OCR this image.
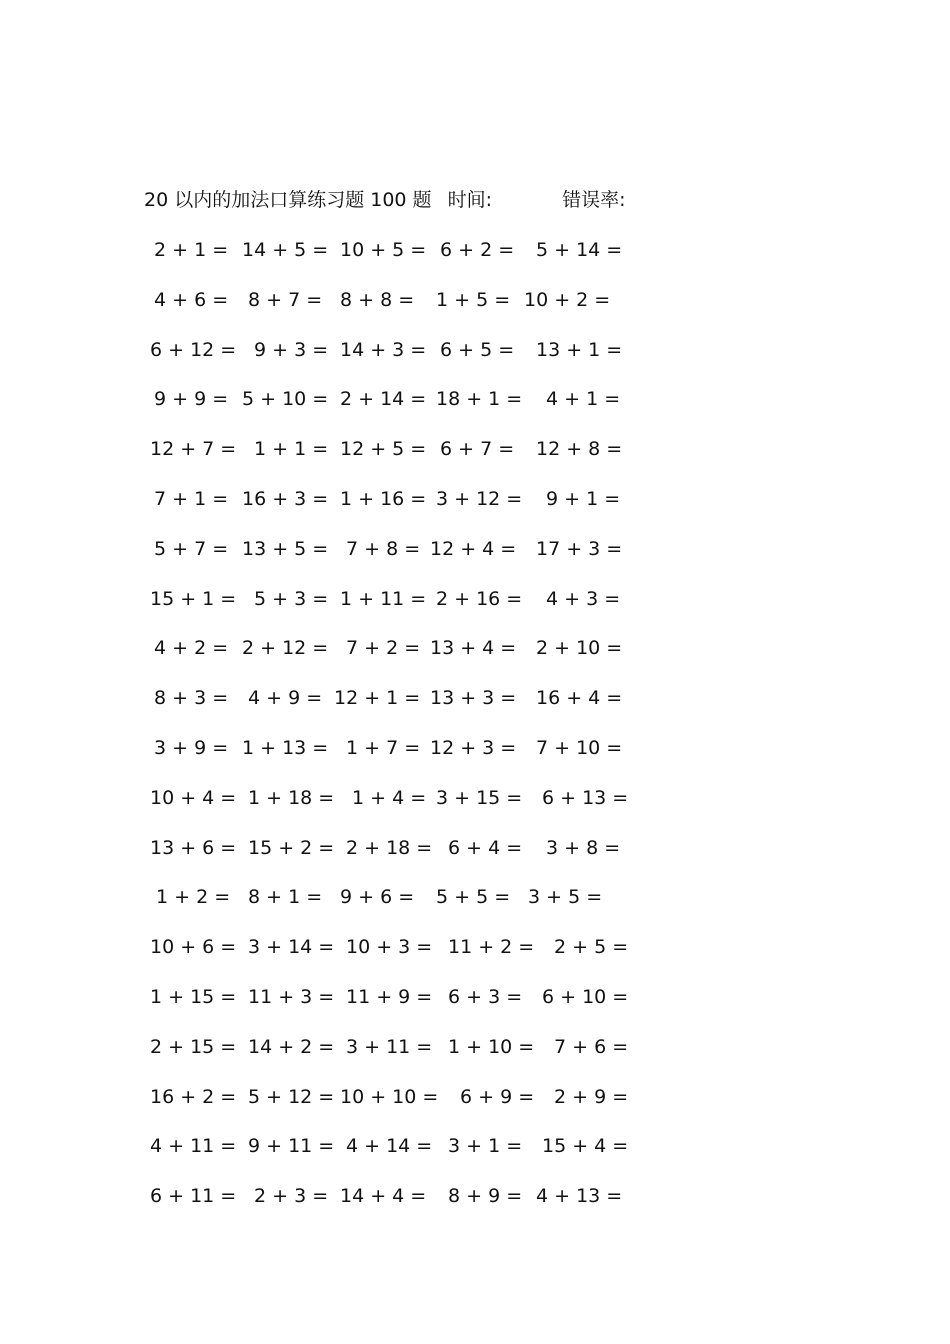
20 以内的加法口算练习题 100 题 时间:	错误率:
2 + 1 = 14 + 5 = 10 + 5 = 6 + 2 = 5 + 14 =
4 + 6 = 8 + 7 = 8 + 8 = 1 + 5 = 10 + 2 =
6 + 12 = 9 + 3 = 14 + 3 = 6 + 5 = 13 + 1 =
9 + 9 = 5 + 10 = 2 + 14 = 18 + 1 = 4 + 1 =
12 + 7 = 1 + 1 = 12 + 5 = 6 + 7 = 12 + 8 =
7 + 1 = 16 + 3 = 1 + 16 = 3 + 12 = 9 + 1 =
5 + 7 = 13 + 5 = 7 + 8 = 12 + 4 = 17 + 3 =
15 + 1 = 5 + 3 = 1 + 11 = 2 + 16 = 4 + 3 =
4 + 2 = 2 + 12 = 7 + 2 = 13 + 4 = 2 + 10 =
8 + 3 = 4 + 9 = 12 + 1 = 13 + 3 = 16 + 4 =
3 + 9 = 1 + 13 = 1 + 7 = 12 + 3 = 7 + 10 =
10 + 4 = 1 + 18 = 1 + 4 = 3 + 15 = 6 + 13 =
13 + 6 = 15 + 2 = 2 + 18 = 6 + 4 = 3 + 8 =
1 + 2 = 8 + 1 = 9 + 6 = 5 + 5 = 3 + 5 =
10 + 6 = 3 + 14 = 10 + 3 = 11 + 2 = 2 + 5 =
1 + 15 = 11 + 3 = 11 + 9 = 6 + 3 = 6 + 10 =
2 + 15 = 14 + 2 = 3 + 11 = 1 + 10 = 7 + 6 =
16 + 2 = 5 + 12 = 10 + 10 = 6 + 9 = 2 + 9 =
4 + 11 = 9 + 11 = 4 + 14 = 3 + 1 = 15 + 4 =
6 + 11 = 2 + 3 = 14 + 4 = 8 + 9 = 4 + 13 =
